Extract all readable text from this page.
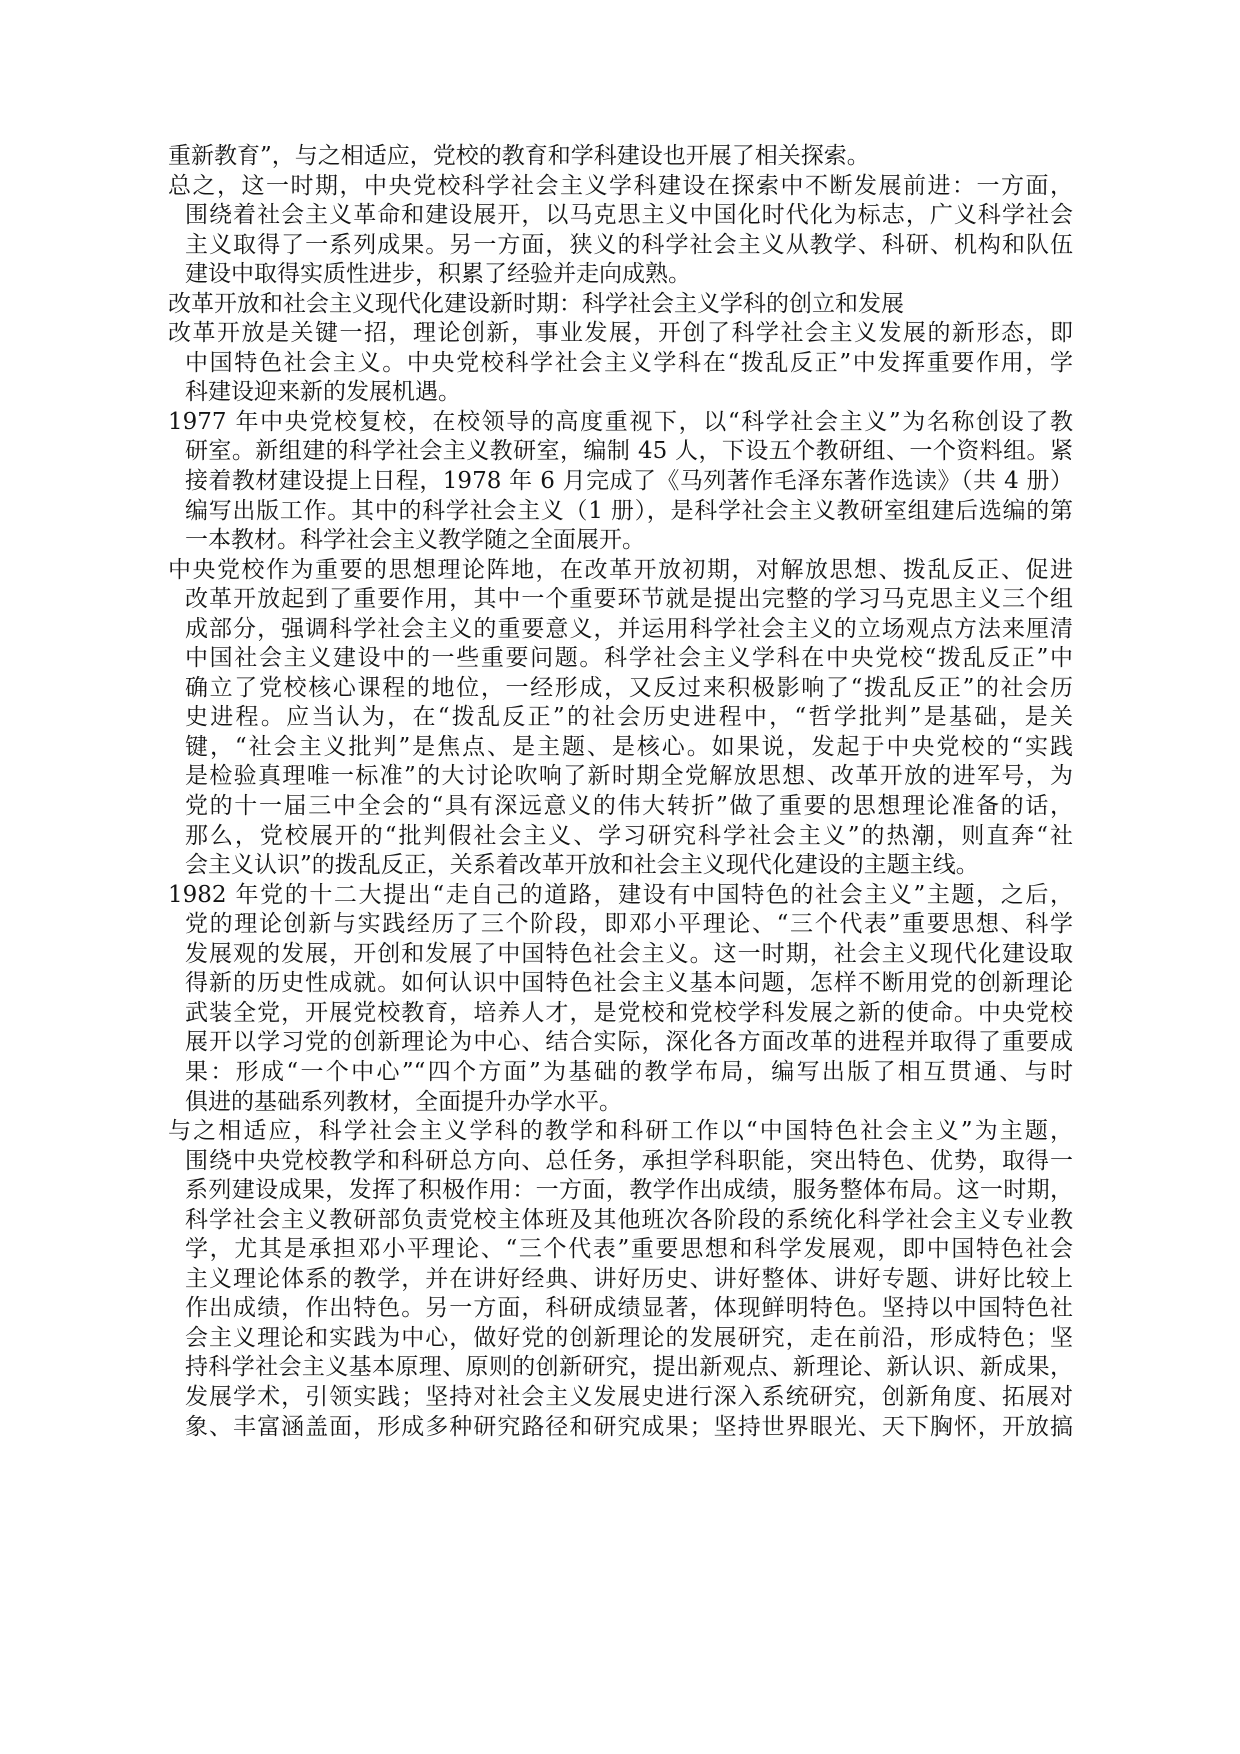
重新教育”，与之相适应，党校的教育和学科建设也开展了相关探索。
总之，这一时期，中央党校科学社会主义学科建设在探索中不断发展前进：一方面，
围绕着社会主义革命和建设展开，以马克思主义中国化时代化为标志，广义科学社会
主义取得了一系列成果。另一方面，狭义的科学社会主义从教学、科研、机构和队伍
建设中取得实质性进步，积累了经验并走向成熟。
改革开放和社会主义现代化建设新时期：科学社会主义学科的创立和发展
改革开放是关键一招，理论创新，事业发展，开创了科学社会主义发展的新形态，即
中国特色社会主义。中央党校科学社会主义学科在“拨乱反正”中发挥重要作用，学
科建设迎来新的发展机遇。
1977 年中央党校复校，在校领导的高度重视下，以“科学社会主义”为名称创设了教
研室。新组建的科学社会主义教研室，编制 45 人，下设五个教研组、一个资料组。紧
接着教材建设提上日程，1978 年 6 月完成了《马列著作毛泽东著作选读》（共 4 册）
编写出版工作。其中的科学社会主义（1 册），是科学社会主义教研室组建后选编的第
一本教材。科学社会主义教学随之全面展开。
中央党校作为重要的思想理论阵地，在改革开放初期，对解放思想、拨乱反正、促进
改革开放起到了重要作用，其中一个重要环节就是提出完整的学习马克思主义三个组
成部分，强调科学社会主义的重要意义，并运用科学社会主义的立场观点方法来厘清
中国社会主义建设中的一些重要问题。科学社会主义学科在中央党校“拨乱反正”中
确立了党校核心课程的地位，一经形成，又反过来积极影响了“拨乱反正”的社会历
史进程。应当认为，在“拨乱反正”的社会历史进程中，“哲学批判”是基础，是关
键，“社会主义批判”是焦点、是主题、是核心。如果说，发起于中央党校的“实践
是检验真理唯一标准”的大讨论吹响了新时期全党解放思想、改革开放的进军号，为
党的十一届三中全会的“具有深远意义的伟大转折”做了重要的思想理论准备的话，
那么，党校展开的“批判假社会主义、学习研究科学社会主义”的热潮，则直奔“社
会主义认识”的拨乱反正，关系着改革开放和社会主义现代化建设的主题主线。
1982 年党的十二大提出“走自己的道路，建设有中国特色的社会主义”主题，之后，
党的理论创新与实践经历了三个阶段，即邓小平理论、“三个代表”重要思想、科学
发展观的发展，开创和发展了中国特色社会主义。这一时期，社会主义现代化建设取
得新的历史性成就。如何认识中国特色社会主义基本问题，怎样不断用党的创新理论
武装全党，开展党校教育，培养人才，是党校和党校学科发展之新的使命。中央党校
展开以学习党的创新理论为中心、结合实际，深化各方面改革的进程并取得了重要成
果：形成“一个中心”“四个方面”为基础的教学布局，编写出版了相互贯通、与时
俱进的基础系列教材，全面提升办学水平。
与之相适应，科学社会主义学科的教学和科研工作以“中国特色社会主义”为主题，
围绕中央党校教学和科研总方向、总任务，承担学科职能，突出特色、优势，取得一
系列建设成果，发挥了积极作用：一方面，教学作出成绩，服务整体布局。这一时期，
科学社会主义教研部负责党校主体班及其他班次各阶段的系统化科学社会主义专业教
学，尤其是承担邓小平理论、“三个代表”重要思想和科学发展观，即中国特色社会
主义理论体系的教学，并在讲好经典、讲好历史、讲好整体、讲好专题、讲好比较上
作出成绩，作出特色。另一方面，科研成绩显著，体现鲜明特色。坚持以中国特色社
会主义理论和实践为中心，做好党的创新理论的发展研究，走在前沿，形成特色；坚
持科学社会主义基本原理、原则的创新研究，提出新观点、新理论、新认识、新成果，
发展学术，引领实践；坚持对社会主义发展史进行深入系统研究，创新角度、拓展对
象、丰富涵盖面，形成多种研究路径和研究成果；坚持世界眼光、天下胸怀，开放搞
